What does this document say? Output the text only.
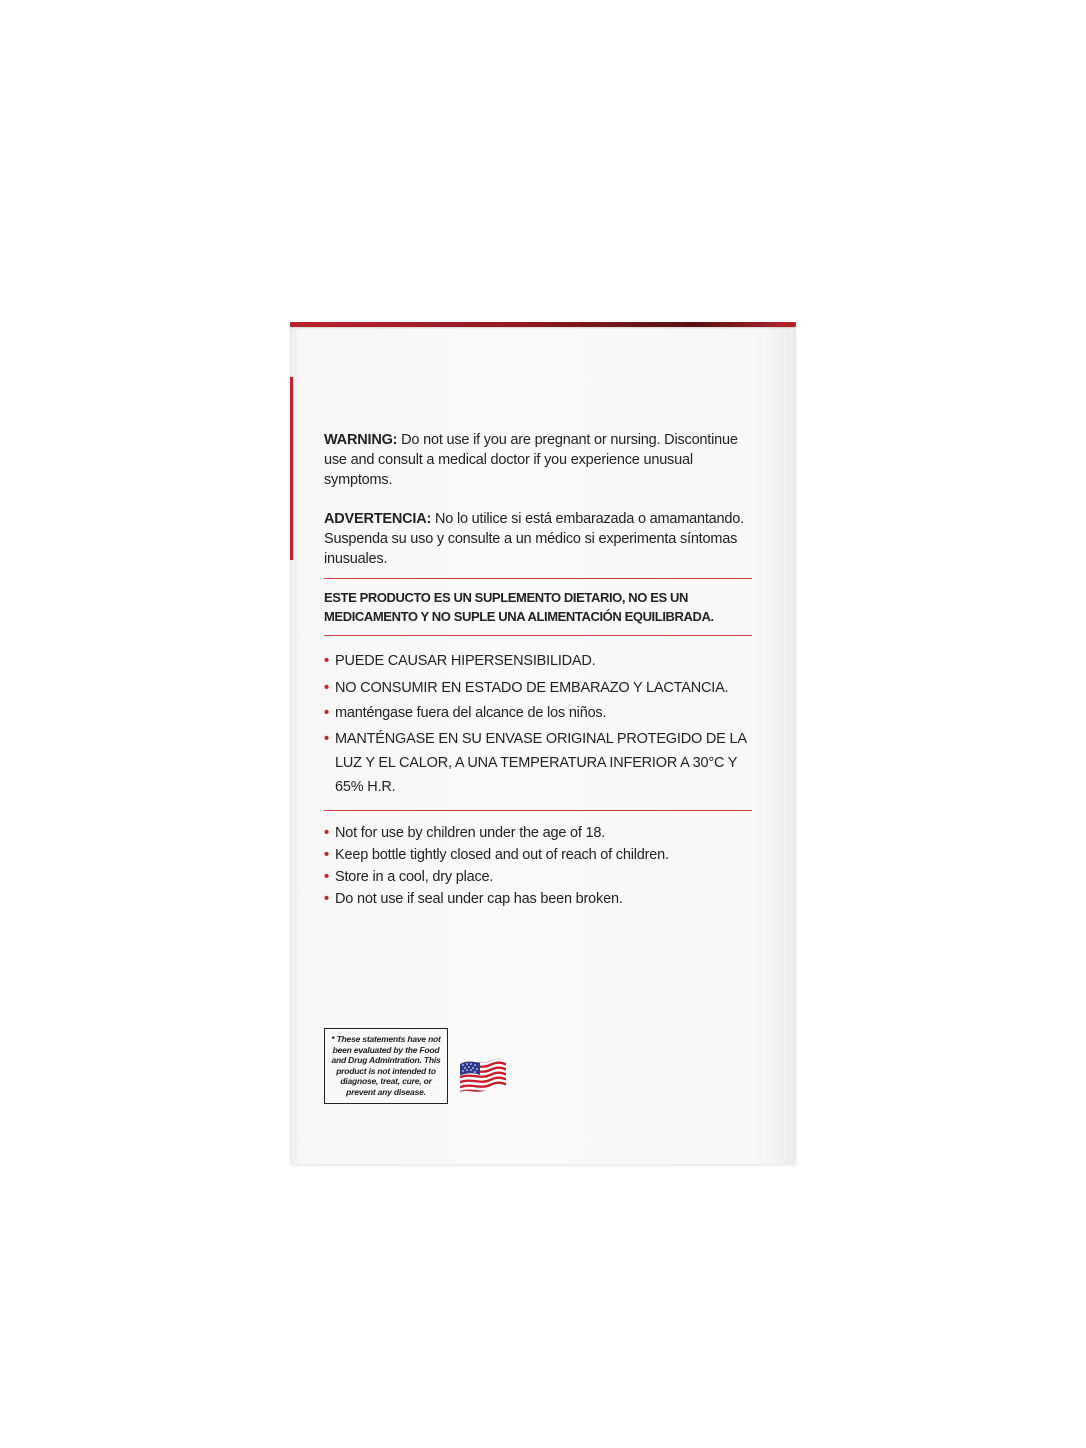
WARNING: Do not use if you are pregnant or nursing. Discontinue use and consult a medical doctor if you experience unusual symptoms.

ADVERTENCIA: No lo utilice si está embarazada o amamantando. Suspenda su uso y consulte a un médico si experimenta síntomas inusuales.

ESTE PRODUCTO ES UN SUPLEMENTO DIETARIO, NO ES UN MEDICAMENTO Y NO SUPLE UNA ALIMENTACIÓN EQUILIBRADA.

• PUEDE CAUSAR HIPERSENSIBILIDAD.
• NO CONSUMIR EN ESTADO DE EMBARAZO Y LACTANCIA.
• manténgase fuera del alcance de los niños.
• MANTÉNGASE EN SU ENVASE ORIGINAL PROTEGIDO DE LA LUZ Y EL CALOR, A UNA TEMPERATURA INFERIOR A 30°C Y 65% H.R.
• Not for use by children under the age of 18.
• Keep bottle tightly closed and out of reach of children.
• Store in a cool, dry place.
• Do not use if seal under cap has been broken.
* These statements have not been evaluated by the Food and Drug Admintration. This product is not intended to diagnose, treat, cure, or prevent any disease.
